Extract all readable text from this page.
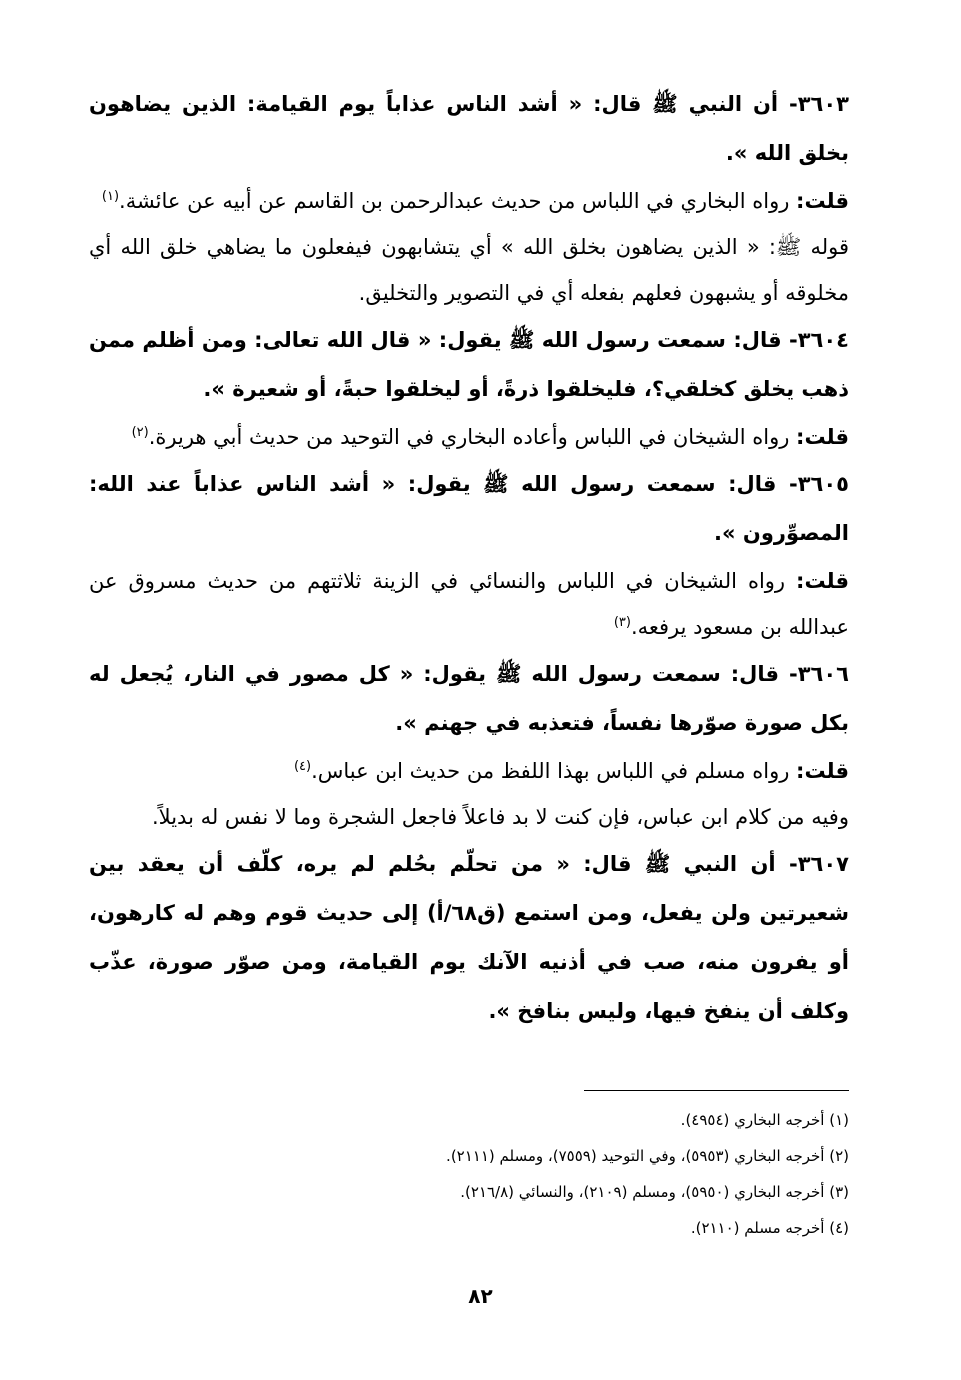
٣٦٠٣- أن النبي ﷺ قال: « أشد الناس عذاباً يوم القيامة: الذين يضاهون بخلق الله ».

قلت: رواه البخاري في اللباس من حديث عبدالرحمن بن القاسم عن أبيه عن عائشة.$^{(١)}$

قوله ﷺ: « الذين يضاهون بخلق الله » أي يتشابهون فيفعلون ما يضاهي خلق الله أي مخلوقه أو يشبهون فعلهم بفعله أي في التصوير والتخليق.

٣٦٠٤- قال: سمعت رسول الله ﷺ يقول: « قال الله تعالى: ومن أظلم ممن ذهب يخلق كخلقي؟، فليخلقوا ذرةً، أو ليخلقوا حبةً، أو شعيرة ».

قلت: رواه الشيخان في اللباس وأعاده البخاري في التوحيد من حديث أبي هريرة.$^{(٢)}$

٣٦٠٥- قال: سمعت رسول الله ﷺ يقول: « أشد الناس عذاباً عند الله: المصوِّرون ».

قلت: رواه الشيخان في اللباس والنسائي في الزينة ثلاثتهم من حديث مسروق عن عبدالله بن مسعود يرفعه.$^{(٣)}$

٣٦٠٦- قال: سمعت رسول الله ﷺ يقول: « كل مصور في النار، يُجعل له بكل صورة صوّرها نفساً، فتعذبه في جهنم ».

قلت: رواه مسلم في اللباس بهذا اللفظ من حديث ابن عباس.$^{(٤)}$

وفيه من كلام ابن عباس، فإن كنت لا بد فاعلاً فاجعل الشجرة وما لا نفس له بديلاً.

٣٦٠٧- أن النبي ﷺ قال: « من تحلّم بحُلم لم يره، كلّف أن يعقد بين شعيرتين ولن يفعل، ومن استمع (ق٦٨/أ) إلى حديث قوم وهم له كارهون، أو يفرون منه، صب في أذنيه الآنك يوم القيامة، ومن صوّر صورة، عذّب وكلف أن ينفخ فيها، وليس بنافخ ».

(١) أخرجه البخاري (٤٩٥٤).

(٢) أخرجه البخاري (٥٩٥٣)، وفي التوحيد (٧٥٥٩)، ومسلم (٢١١١).

(٣) أخرجه البخاري (٥٩٥٠)، ومسلم (٢١٠٩)، والنسائي (٢١٦/٨).

(٤) أخرجه مسلم (٢١١٠).

٨٢
